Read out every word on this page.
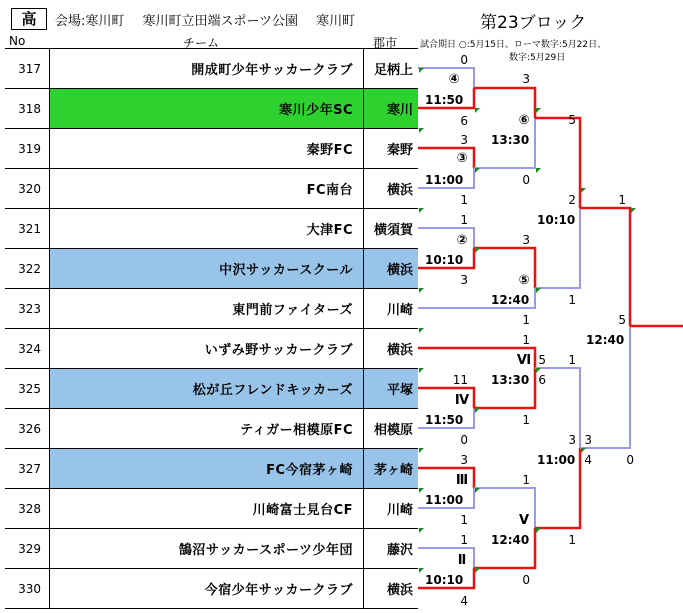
高	会場:寒川町 寒川町立田端スポーツ公園 寒川町	第23ブロック
試合期日 ○:5月15日、ローマ数字:5月22日、
数字:5月29日
No	チーム	郡市
317	開成町少年サッカークラブ	足柄上
318	寒川少年SC	寒川
319	秦野FC	秦野
320	FC南台	横浜
321	大津FC	横須賀
322	中沢サッカースクール	横浜
323	東門前ファイターズ	川崎
324	いずみ野サッカークラブ	横浜
325	松が丘フレンドキッカーズ	平塚
326	ティガー相模原FC	相模原
327	FC今宿茅ヶ崎	茅ヶ崎
328	川崎富士見台CF	川崎
329	鵠沼サッカースポーツ少年団	藤沢
330	今宿少年サッカークラブ	横浜
④
11:50
0
6
③
11:00
3
1
⑥
13:30
3
0
②
10:10
1
3	⑤
12:40
3
1
10:10
5
1
2	1
Ⅳ
11:50
11
0
Ⅵ
13:30
1
1
5
6
Ⅲ
11:00
3
1
Ⅱ
10:10
1
4
Ⅴ
12:40
1
0
11:00
1
1
3 3
4
12:40
5
0
